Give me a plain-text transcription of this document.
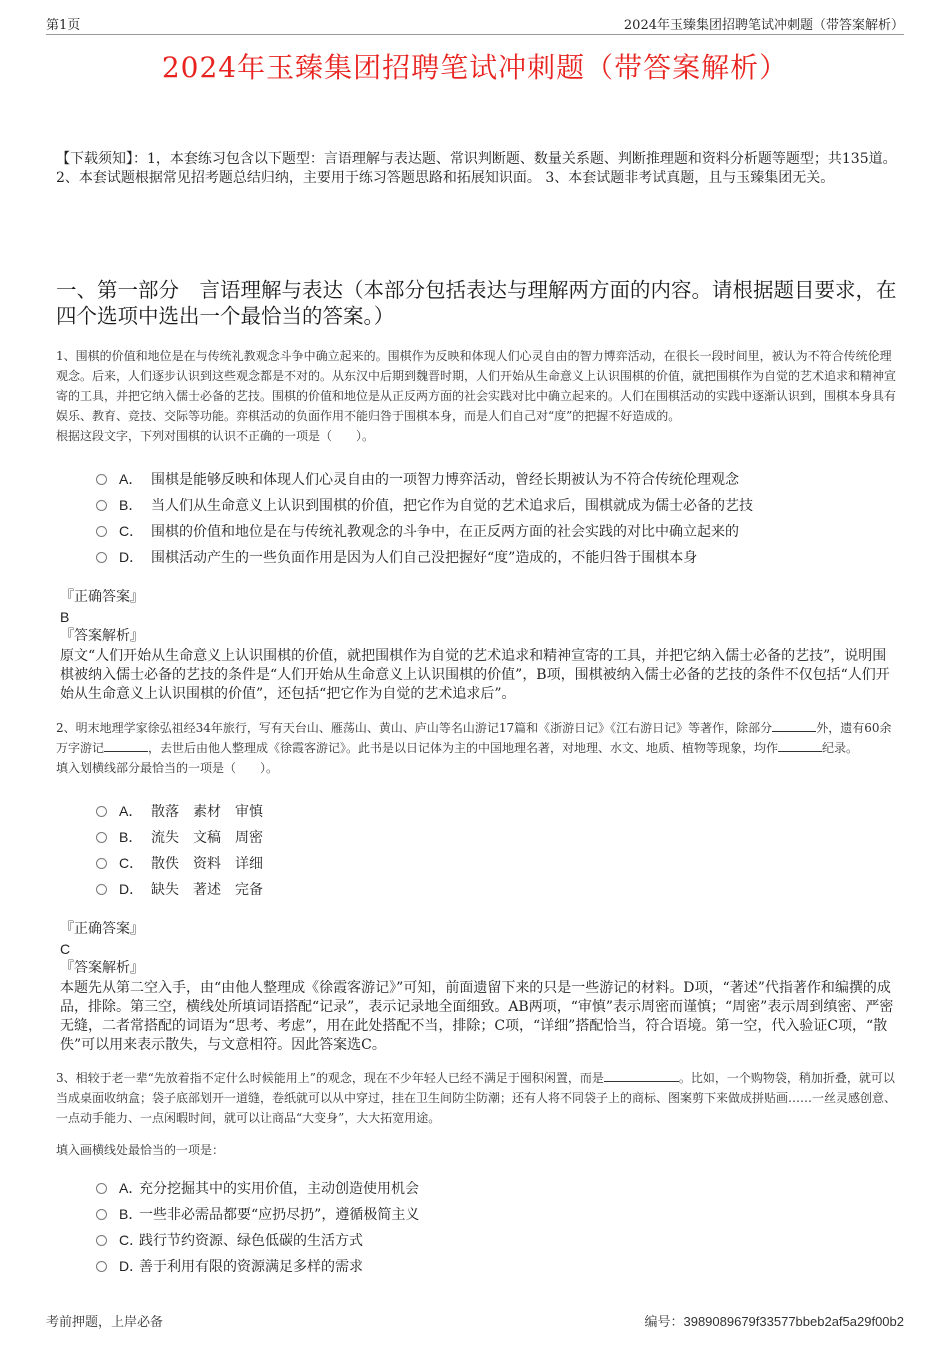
第1页	2024年玉臻集团招聘笔试冲刺题（带答案解析）
2024年玉臻集团招聘笔试冲刺题（带答案解析）
【下载须知】：1，本套练习包含以下题型：言语理解与表达题、常识判断题、数量关系题、判断推理题和资料分析题等题型；共135道。 2、本套试题根据常见招考题总结归纳，主要用于练习答题思路和拓展知识面。 3、本套试题非考试真题，且与玉臻集团无关。
一、第一部分　言语理解与表达（本部分包括表达与理解两方面的内容。请根据题目要求，在四个选项中选出一个最恰当的答案。）
1、围棋的价值和地位是在与传统礼教观念斗争中确立起来的。围棋作为反映和体现人们心灵自由的智力博弈活动，在很长一段时间里，被认为不符合传统伦理观念。后来，人们逐步认识到这些观念都是不对的。从东汉中后期到魏晋时期，人们开始从生命意义上认识围棋的价值，就把围棋作为自觉的艺术追求和精神宣寄的工具，并把它纳入儒士必备的艺技。围棋的价值和地位是从正反两方面的社会实践对比中确立起来的。人们在围棋活动的实践中逐渐认识到，围棋本身具有娱乐、教育、竞技、交际等功能。弈棋活动的负面作用不能归咎于围棋本身，而是人们自己对“度”的把握不好造成的。
根据这段文字，下列对围棋的认识不正确的一项是（　　）。
A． 围棋是能够反映和体现人们心灵自由的一项智力博弈活动，曾经长期被认为不符合传统伦理观念
B． 当人们从生命意义上认识到围棋的价值，把它作为自觉的艺术追求后，围棋就成为儒士必备的艺技
C． 围棋的价值和地位是在与传统礼教观念的斗争中，在正反两方面的社会实践的对比中确立起来的
D． 围棋活动产生的一些负面作用是因为人们自己没把握好“度”造成的，不能归咎于围棋本身
『正确答案』
B
『答案解析』
原文“人们开始从生命意义上认识围棋的价值，就把围棋作为自觉的艺术追求和精神宣寄的工具，并把它纳入儒士必备的艺技”，说明围棋被纳入儒士必备的艺技的条件是“人们开始从生命意义上认识围棋的价值”，B项，围棋被纳入儒士必备的艺技的条件不仅包括“人们开始从生命意义上认识围棋的价值”，还包括“把它作为自觉的艺术追求后”。
2、明末地理学家徐弘祖经34年旅行，写有天台山、雁荡山、黄山、庐山等名山游记17篇和《浙游日记》《江右游日记》等著作，除部分	外，遗有60余万字游记	，去世后由他人整理成《徐霞客游记》。此书是以日记体为主的中国地理名著，对地理、水文、地质、植物等现象，均作	纪录。
填入划横线部分最恰当的一项是（　　）。
A． 散落　素材　审慎
B． 流失　文稿　周密
C． 散佚　资料　详细
D． 缺失　著述　完备
『正确答案』
C
『答案解析』
本题先从第二空入手，由“由他人整理成《徐霞客游记》”可知，前面遗留下来的只是一些游记的材料。D项，“著述”代指著作和编撰的成品，排除。第三空，横线处所填词语搭配“记录”，表示记录地全面细致。AB两项，“审慎”表示周密而谨慎；“周密”表示周到缜密、严密无缝，二者常搭配的词语为“思考、考虑”，用在此处搭配不当，排除；C项，“详细”搭配恰当，符合语境。第一空，代入验证C项，“散佚”可以用来表示散失，与文意相符。因此答案选C。
3、相较于老一辈“先放着指不定什么时候能用上”的观念，现在不少年轻人已经不满足于囤积闲置，而是	。比如，一个购物袋，稍加折叠，就可以当成桌面收纳盒；袋子底部划开一道缝，卷纸就可以从中穿过，挂在卫生间防尘防潮；还有人将不同袋子上的商标、图案剪下来做成拼贴画……一丝灵感创意、一点动手能力、一点闲暇时间，就可以让商品“大变身”，大大拓宽用途。
填入画横线处最恰当的一项是：
A．
充分挖掘其中的实用价值，主动创造使用机会
B．
一些非必需品都要“应扔尽扔”，遵循极简主义
C．
践行节约资源、绿色低碳的生活方式
D．
善于利用有限的资源满足多样的需求
考前押题，上岸必备	编号：3989089679f33577bbeb2af5a29f00b2
